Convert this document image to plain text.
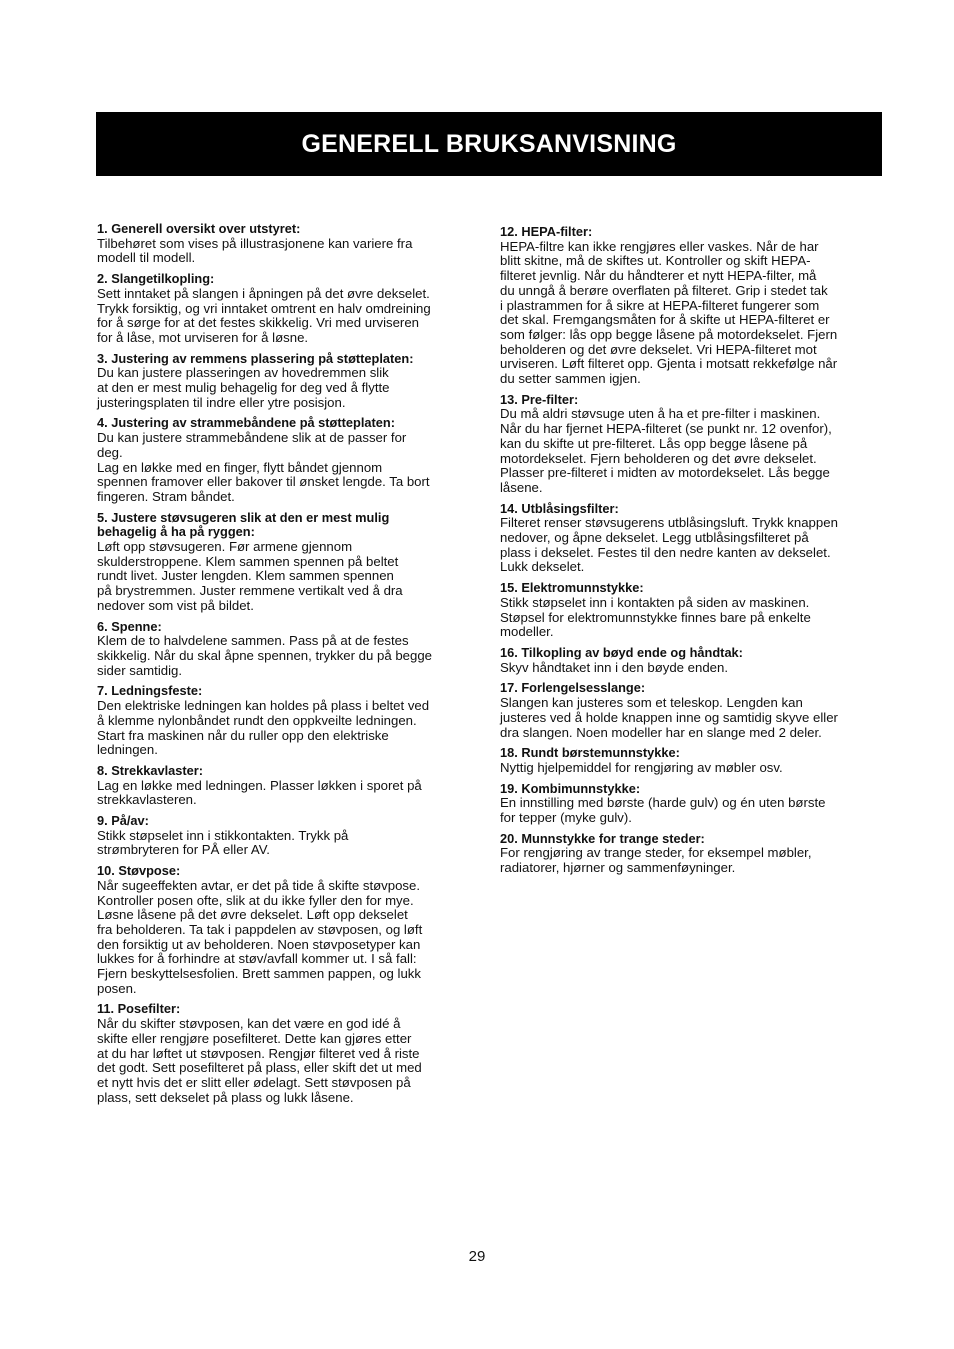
GENERELL BRUKSANVISNING
1. Generell oversikt over utstyret:
Tilbehøret som vises på illustrasjonene kan variere fra
modell til modell.
2. Slangetilkopling:
Sett inntaket på slangen i åpningen på det øvre dekselet.
Trykk forsiktig, og vri inntaket omtrent en halv omdreining
for å sørge for at det festes skikkelig. Vri med urviseren
for å låse, mot urviseren for å løsne.
3. Justering av remmens plassering på støtteplaten:
Du kan justere plasseringen av hovedremmen slik
at den er mest mulig behagelig for deg ved å flytte
justeringsplaten til indre eller ytre posisjon.
4. Justering av strammebåndene på støtteplaten:
Du kan justere strammebåndene slik at de passer for
deg.
Lag en løkke med en finger, flytt båndet gjennom
spennen framover eller bakover til ønsket lengde. Ta bort
fingeren. Stram båndet.
5. Justere støvsugeren slik at den er mest mulig
behagelig å ha på ryggen:
Løft opp støvsugeren. Før armene gjennom
skulderstroppene. Klem sammen spennen på beltet
rundt livet. Juster lengden. Klem sammen spennen
på brystremmen. Juster remmene vertikalt ved å dra
nedover som vist på bildet.
6. Spenne:
Klem de to halvdelene sammen. Pass på at de festes
skikkelig. Når du skal åpne spennen, trykker du på begge
sider samtidig.
7. Ledningsfeste:
Den elektriske ledningen kan holdes på plass i beltet ved
å klemme nylonbåndet rundt den oppkveilte ledningen.
Start fra maskinen når du ruller opp den elektriske
ledningen.
8. Strekkavlaster:
Lag en løkke med ledningen. Plasser løkken i sporet på
strekkavlasteren.
9. På/av:
Stikk støpselet inn i stikkontakten. Trykk på
strømbryteren for PÅ eller AV.
10. Støvpose:
Når sugeeffekten avtar, er det på tide å skifte støvpose.
Kontroller posen ofte, slik at du ikke fyller den for mye.
Løsne låsene på det øvre dekselet. Løft opp dekselet
fra beholderen. Ta tak i pappdelen av støvposen, og løft
den forsiktig ut av beholderen. Noen støvposetyper kan
lukkes for å forhindre at støv/avfall kommer ut. I så fall:
Fjern beskyttelsesfolien. Brett sammen pappen, og lukk
posen.
11. Posefilter:
Når du skifter støvposen, kan det være en god idé å
skifte eller rengjøre posefilteret. Dette kan gjøres etter
at du har løftet ut støvposen. Rengjør filteret ved å riste
det godt. Sett posefilteret på plass, eller skift det ut med
et nytt hvis det er slitt eller ødelagt. Sett støvposen på
plass, sett dekselet på plass og lukk låsene.
12. HEPA-filter:
HEPA-filtre kan ikke rengjøres eller vaskes. Når de har
blitt skitne, må de skiftes ut. Kontroller og skift HEPA-
filteret jevnlig. Når du håndterer et nytt HEPA-filter, må
du unngå å berøre overflaten på filteret. Grip i stedet tak
i plastrammen for å sikre at HEPA-filteret fungerer som
det skal. Fremgangsmåten for å skifte ut HEPA-filteret er
som følger: lås opp begge låsene på motordekselet. Fjern
beholderen og det øvre dekselet. Vri HEPA-filteret mot
urviseren. Løft filteret opp. Gjenta i motsatt rekkefølge når
du setter sammen igjen.
13. Pre-filter:
Du må aldri støvsuge uten å ha et pre-filter i maskinen.
Når du har fjernet HEPA-filteret (se punkt nr. 12 ovenfor),
kan du skifte ut pre-filteret. Lås opp begge låsene på
motordekselet. Fjern beholderen og det øvre dekselet.
Plasser pre-filteret i midten av motordekselet. Lås begge
låsene.
14. Utblåsingsfilter:
Filteret renser støvsugerens utblåsingsluft. Trykk knappen
nedover, og åpne dekselet. Legg utblåsingsfilteret på
plass i dekselet. Festes til den nedre kanten av dekselet.
Lukk dekselet.
15. Elektromunnstykke:
Stikk støpselet inn i kontakten på siden av maskinen.
Støpsel for elektromunnstykke finnes bare på enkelte
modeller.
16. Tilkopling av bøyd ende og håndtak:
Skyv håndtaket inn i den bøyde enden.
17. Forlengelsesslange:
Slangen kan justeres som et teleskop. Lengden kan
justeres ved å holde knappen inne og samtidig skyve eller
dra slangen. Noen modeller har en slange med 2 deler.
18. Rundt børstemunnstykke:
Nyttig hjelpemiddel for rengjøring av møbler osv.
19. Kombimunnstykke:
En innstilling med børste (harde gulv) og én uten børste
for tepper (myke gulv).
20. Munnstykke for trange steder:
For rengjøring av trange steder, for eksempel møbler,
radiatorer, hjørner og sammenføyninger.
29
